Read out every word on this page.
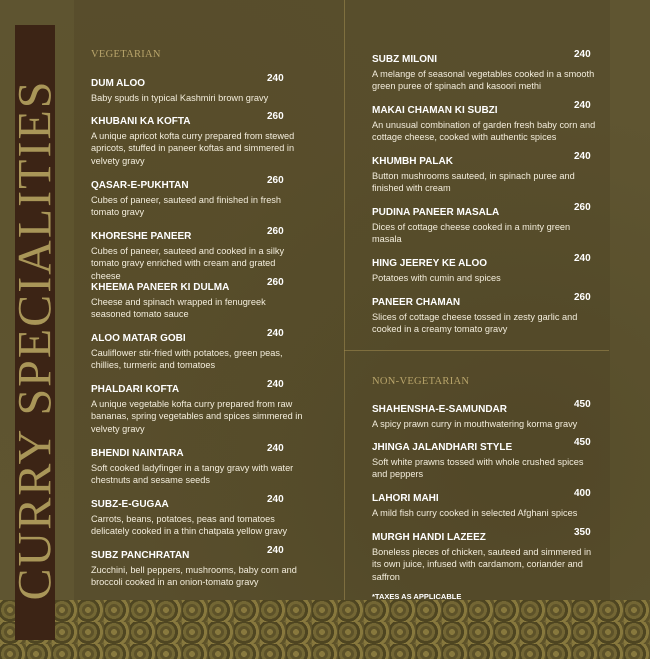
CURRY SPECIALITIES
VEGETARIAN
NON-VEGETARIAN
DUM ALOO	240
Baby spuds in typical Kashmiri brown gravy
KHUBANI KA KOFTA	260
A unique apricot kofta curry prepared from stewed apricots, stuffed in paneer koftas and simmered in velvety gravy
QASAR-E-PUKHTAN	260
Cubes of paneer, sauteed and finished in fresh tomato gravy
KHORESHE PANEER	260
Cubes of paneer, sauteed and cooked in a silky tomato gravy enriched with cream and grated cheese
KHEEMA PANEER KI DULMA	260
Cheese and spinach wrapped in fenugreek seasoned tomato sauce
ALOO MATAR GOBI	240
Cauliflower stir-fried with potatoes, green peas, chillies, turmeric and tomatoes
PHALDARI KOFTA	240
A unique vegetable kofta curry prepared from raw bananas, spring vegetables and spices simmered in velvety gravy
BHENDI NAINTARA	240
Soft cooked ladyfinger in a tangy gravy with water chestnuts and sesame seeds
SUBZ-E-GUGAA	240
Carrots, beans, potatoes, peas and tomatoes delicately cooked in a thin chatpata yellow gravy
SUBZ PANCHRATAN	240
Zucchini, bell peppers, mushrooms, baby corn and broccoli cooked in an onion-tomato gravy
SUBZ MILONI	240
A melange of seasonal vegetables cooked in a smooth green puree of spinach and kasoori methi
MAKAI CHAMAN KI SUBZI	240
An unusual combination of garden fresh baby corn and cottage cheese, cooked with authentic spices
KHUMBH PALAK	240
Button mushrooms sauteed, in spinach puree and finished with cream
PUDINA PANEER MASALA	260
Dices of cottage cheese cooked in a minty green masala
HING JEEREY KE ALOO	240
Potatoes with cumin and spices
PANEER CHAMAN	260
Slices of cottage cheese tossed in zesty garlic and cooked in a creamy tomato gravy
SHAHENSHA-E-SAMUNDAR	450
A spicy prawn curry in mouthwatering korma gravy
JHINGA JALANDHARI STYLE	450
Soft white prawns tossed with whole crushed spices and peppers
LAHORI MAHI	400
A mild fish curry cooked in selected Afghani spices
MURGH HANDI LAZEEZ	350
Boneless pieces of chicken, sauteed and simmered in its own juice, infused with cardamom, coriander and saffron
*TAXES AS APPLICABLE
